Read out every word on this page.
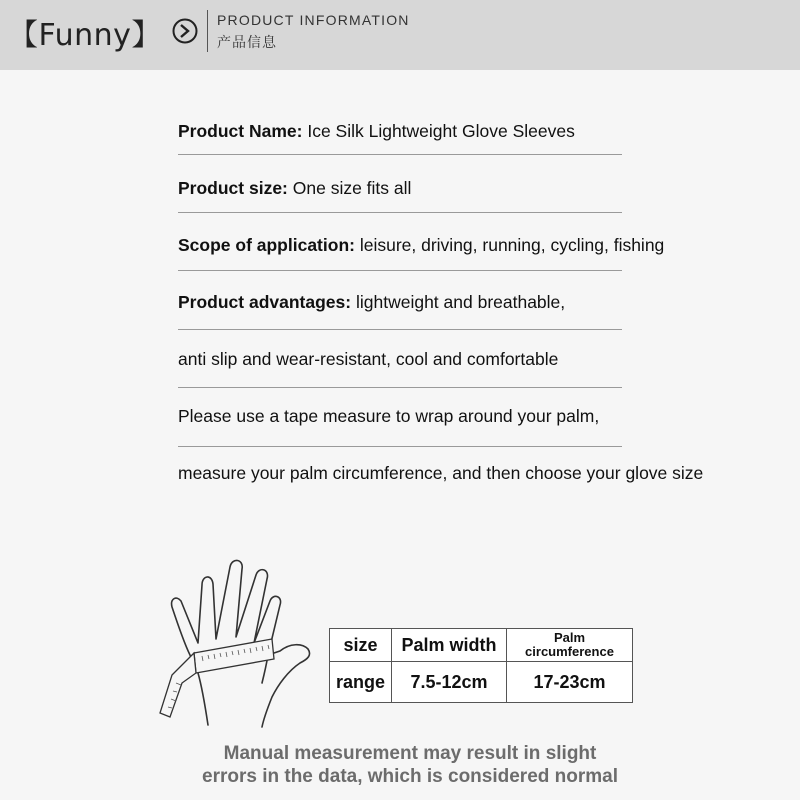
【Funny】	PRODUCT INFORMATION
产品信息
Product Name: Ice Silk Lightweight Glove Sleeves
Product size: One size fits all
Scope of application: leisure, driving, running, cycling, fishing
Product advantages: lightweight and breathable,
anti slip and wear-resistant, cool and comfortable
Please use a tape measure to wrap around your palm,
measure your palm circumference, and then choose your glove size
size	Palm width	Palm
circumference

range	7.5-12cm	17-23cm
Manual measurement may result in slight
errors in the data, which is considered normal
